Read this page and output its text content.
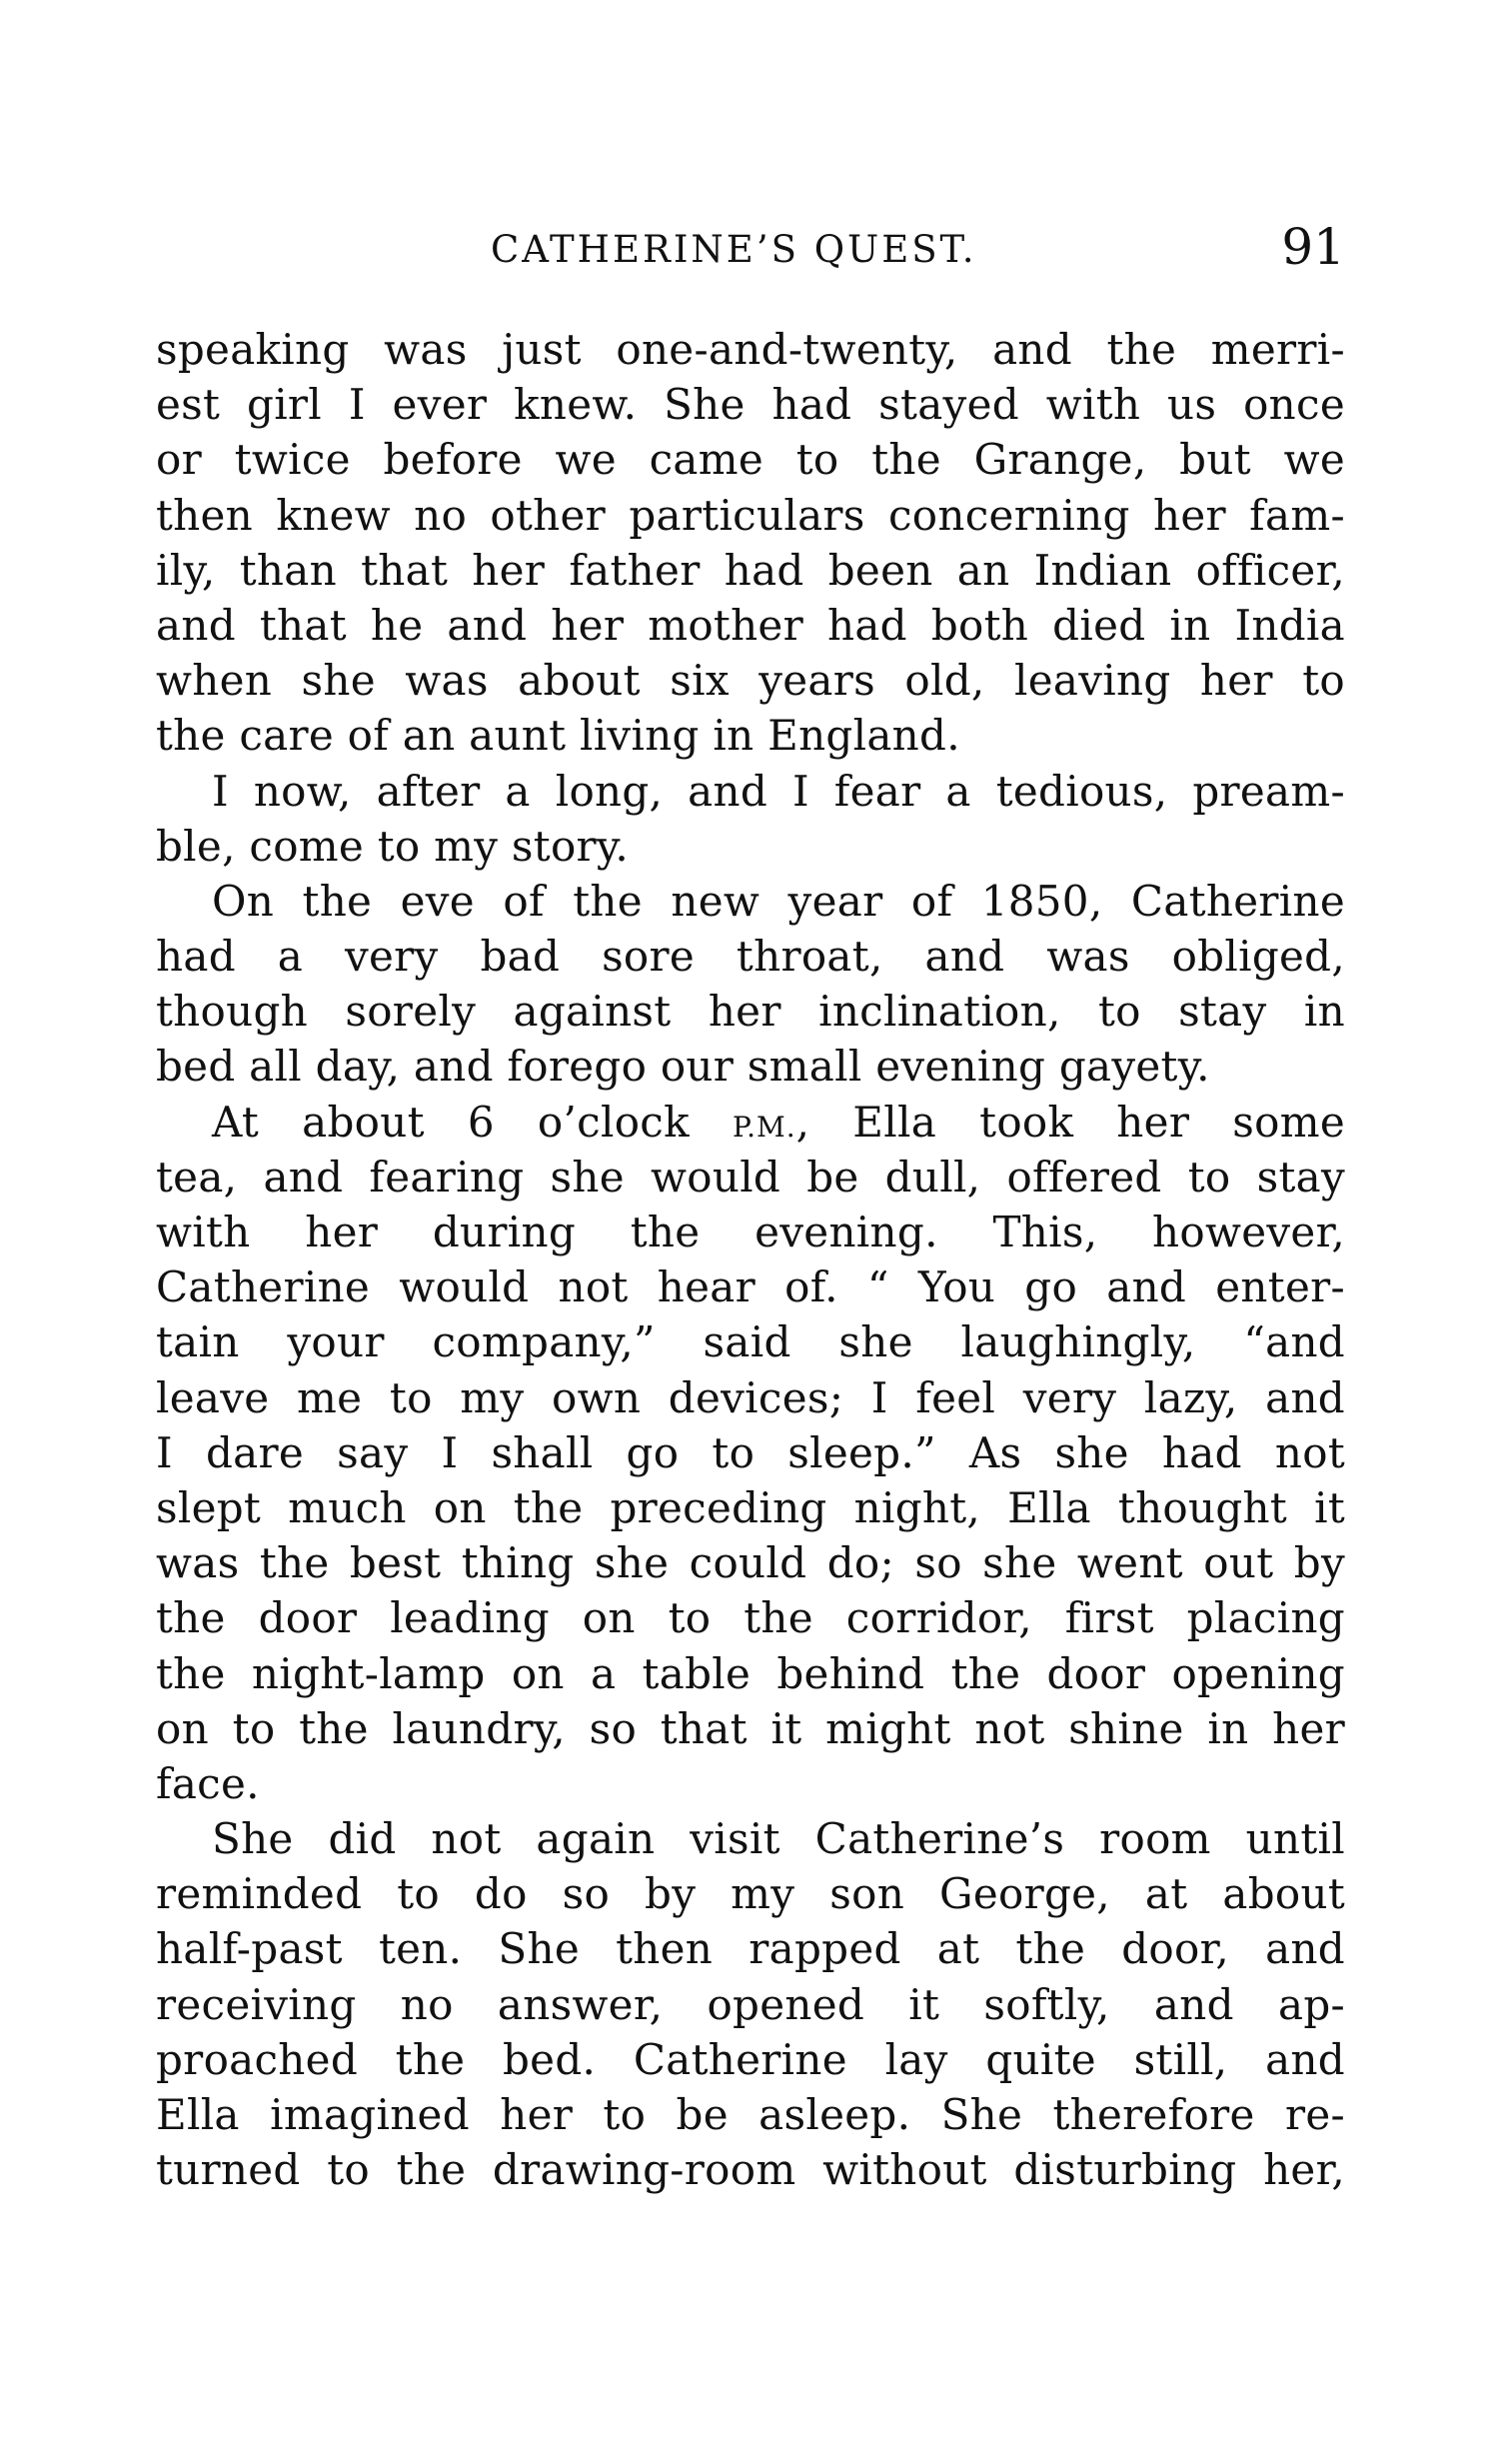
CATHERINE’S QUEST.	91
speaking was just one-and-twenty, and the merri-
est girl I ever knew. She had stayed with us once
or twice before we came to the Grange, but we
then knew no other particulars concerning her fam-
ily, than that her father had been an Indian officer,
and that he and her mother had both died in India
when she was about six years old, leaving her to
the care of an aunt living in England.
I now, after a long, and I fear a tedious, pream-
ble, come to my story.
On the eve of the new year of 1850, Catherine
had a very bad sore throat, and was obliged,
though sorely against her inclination, to stay in
bed all day, and forego our small evening gayety.
At about 6 o’clock P.M., Ella took her some
tea, and fearing she would be dull, offered to stay
with her during the evening. This, however,
Catherine would not hear of. “ You go and enter-
tain your company,” said she laughingly, “and
leave me to my own devices; I feel very lazy, and
I dare say I shall go to sleep.” As she had not
slept much on the preceding night, Ella thought it
was the best thing she could do; so she went out by
the door leading on to the corridor, first placing
the night-lamp on a table behind the door opening
on to the laundry, so that it might not shine in her
face.
She did not again visit Catherine’s room until
reminded to do so by my son George, at about
half-past ten. She then rapped at the door, and
receiving no answer, opened it softly, and ap-
proached the bed. Catherine lay quite still, and
Ella imagined her to be asleep. She therefore re-
turned to the drawing-room without disturbing her,
